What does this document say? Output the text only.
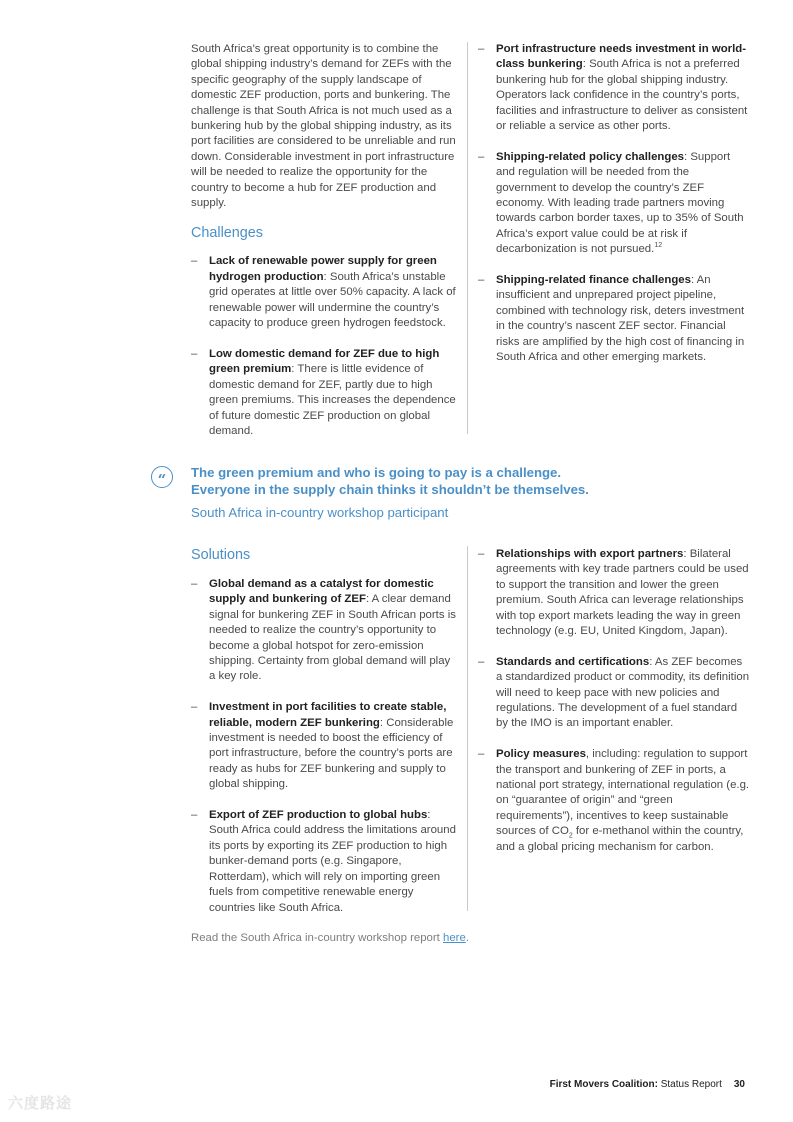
South Africa’s great opportunity is to combine the global shipping industry’s demand for ZEFs with the specific geography of the supply landscape of domestic ZEF production, ports and bunkering. The challenge is that South Africa is not much used as a bunkering hub by the global shipping industry, as its port facilities are considered to be unreliable and run down. Considerable investment in port infrastructure will be needed to realize the opportunity for the country to become a hub for ZEF production and supply.

Challenges
– Lack of renewable power supply for green hydrogen production: South Africa’s unstable grid operates at little over 50% capacity. A lack of renewable power will undermine the country’s capacity to produce green hydrogen feedstock.
– Low domestic demand for ZEF due to high green premium: There is little evidence of domestic demand for ZEF, partly due to high green premiums. This increases the dependence of future domestic ZEF production on global demand.
– Port infrastructure needs investment in world-class bunkering: South Africa is not a preferred bunkering hub for the global shipping industry. Operators lack confidence in the country’s ports, facilities and infrastructure to deliver as consistent or reliable a service as other ports.
– Shipping-related policy challenges: Support and regulation will be needed from the government to develop the country’s ZEF economy. With leading trade partners moving towards carbon border taxes, up to 35% of South Africa’s export value could be at risk if decarbonization is not pursued.$^{12}$
– Shipping-related finance challenges: An insufficient and unprepared project pipeline, combined with technology risk, deters investment in the country’s nascent ZEF sector. Financial risks are amplified by the high cost of financing in South Africa and other emerging markets.
“	The green premium and who is going to pay is a challenge.
Everyone in the supply chain thinks it shouldn’t be themselves.
South Africa in-country workshop participant
Solutions
– Global demand as a catalyst for domestic supply and bunkering of ZEF: A clear demand signal for bunkering ZEF in South African ports is needed to realize the country’s opportunity to become a global hotspot for zero-emission shipping. Certainty from global demand will play a key role.
– Investment in port facilities to create stable, reliable, modern ZEF bunkering: Considerable investment is needed to boost the efficiency of port infrastructure, before the country’s ports are ready as hubs for ZEF bunkering and supply to global shipping.
– Export of ZEF production to global hubs: South Africa could address the limitations around its ports by exporting its ZEF production to high bunker-demand ports (e.g. Singapore, Rotterdam), which will rely on importing green fuels from competitive renewable energy countries like South Africa.
– Relationships with export partners: Bilateral agreements with key trade partners could be used to support the transition and lower the green premium. South Africa can leverage relationships with top export markets leading the way in green technology (e.g. EU, United Kingdom, Japan).
– Standards and certifications: As ZEF becomes a standardized product or commodity, its definition will need to keep pace with new policies and regulations. The development of a fuel standard by the IMO is an important enabler.
– Policy measures, including: regulation to support the transport and bunkering of ZEF in ports, a national port strategy, international regulation (e.g. on “guarantee of origin” and “green requirements”), incentives to keep sustainable sources of $CO_2$ for e-methanol within the country, and a global pricing mechanism for carbon.
Read the South Africa in-country workshop report here.
First Movers Coalition: Status Report 30
六度路途
